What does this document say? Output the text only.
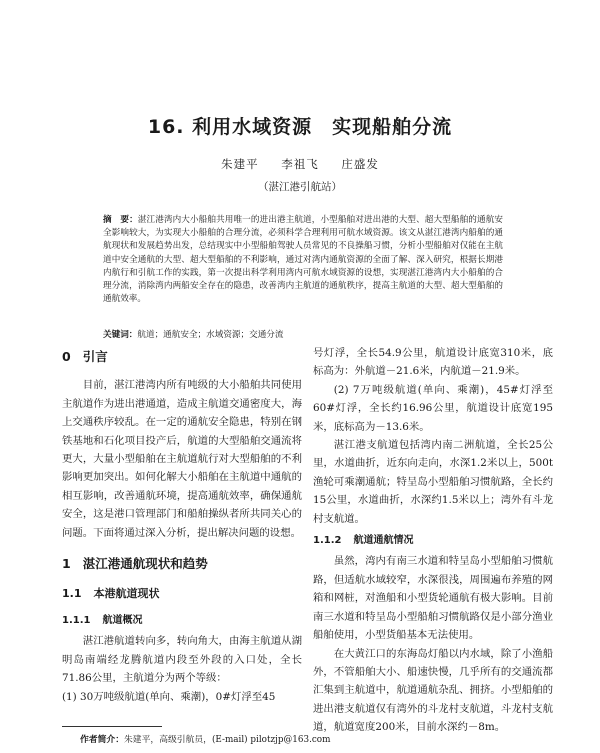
16. 利用水域资源　实现船舶分流
朱建平 李祖飞 庄盛发
（湛江港引航站）
摘　要：湛江港湾内大小船舶共用唯一的进出港主航道，小型船舶对进出港的大型、超大型船舶的通航安全影响较大，为实现大小船舶的合理分流，必须科学合理利用可航水域资源。该文从湛江港湾内船舶的通航现状和发展趋势出发，总结现实中小型船舶驾驶人员常见的不良操船习惯，分析小型船舶对仅能在主航道中安全通航的大型、超大型船舶的不利影响，通过对湾内通航资源的全面了解、深入研究，根据长期港内航行和引航工作的实践，第一次提出科学利用湾内可航水域资源的设想，实现湛江港湾内大小船舶的合理分流，消除湾内两船安全存在的隐患，改善湾内主航道的通航秩序，提高主航道的大型、超大型船舶的通航效率。
关键词：航道；通航安全；水域资源；交通分流
0 引言

目前，湛江港湾内所有吨级的大小船舶共同使用主航道作为进出港通道，造成主航道交通密度大，海上交通秩序较乱。在一定的通航安全隐患，特别在钢铁基地和石化项目投产后，航道的大型船舶交通流将更大，大量小型船舶在主航道航行对大型船舶的不利影响更加突出。如何化解大小船舶在主航道中通航的相互影响，改善通航环境，提高通航效率，确保通航安全，这是港口管理部门和船舶操纵者所共同关心的问题。下面将通过深入分析，提出解决问题的设想。

1 湛江港通航现状和趋势
1.1 本港航道现状
1.1.1 航道概况

湛江港航道转向多，转向角大，由海主航道从湖明岛南端经龙腾航道内段至外段的入口处，全长71.86公里，主航道分为两个等级：

(1) 30万吨级航道(单向、乘潮)，0#灯浮至45

号灯浮，全长54.9公里，航道设计底宽310米，底标高为：外航道－21.6米，内航道－21.9米。

(2) 7万吨级航道(单向、乘潮)，45#灯浮至60#灯浮，全长约16.96公里，航道设计底宽195米，底标高为－13.6米。

湛江港支航道包括湾内南二洲航道，全长25公里，水道曲折，近东向走向，水深1.2米以上，500t渔轮可乘潮通航；特呈岛小型船舶习惯航路，全长约15公里，水道曲折，水深约1.5米以上；湾外有斗龙村支航道。

1.1.2 航道通航情况

虽然，湾内有南三水道和特呈岛小型船舶习惯航路，但适航水域较窄，水深很浅，周围遍布养殖的网箱和网桩，对渔船和小型货轮通航有极大影响。目前南三水道和特呈岛小型船舶习惯航路仅是小部分渔业船舶使用，小型货船基本无法使用。

在大黄江口的东海岛灯船以内水域，除了小渔船外，不管船舶大小、船速快慢，几乎所有的交通流都汇集到主航道中，航道通航杂乱、拥挤。小型船舶的进出港支航道仅有湾外的斗龙村支航道，斗龙村支航道，航道宽度200米，目前水深约－8m。

作者简介：朱建平，高级引航员，(E-mail) pilotzjp@163.com
